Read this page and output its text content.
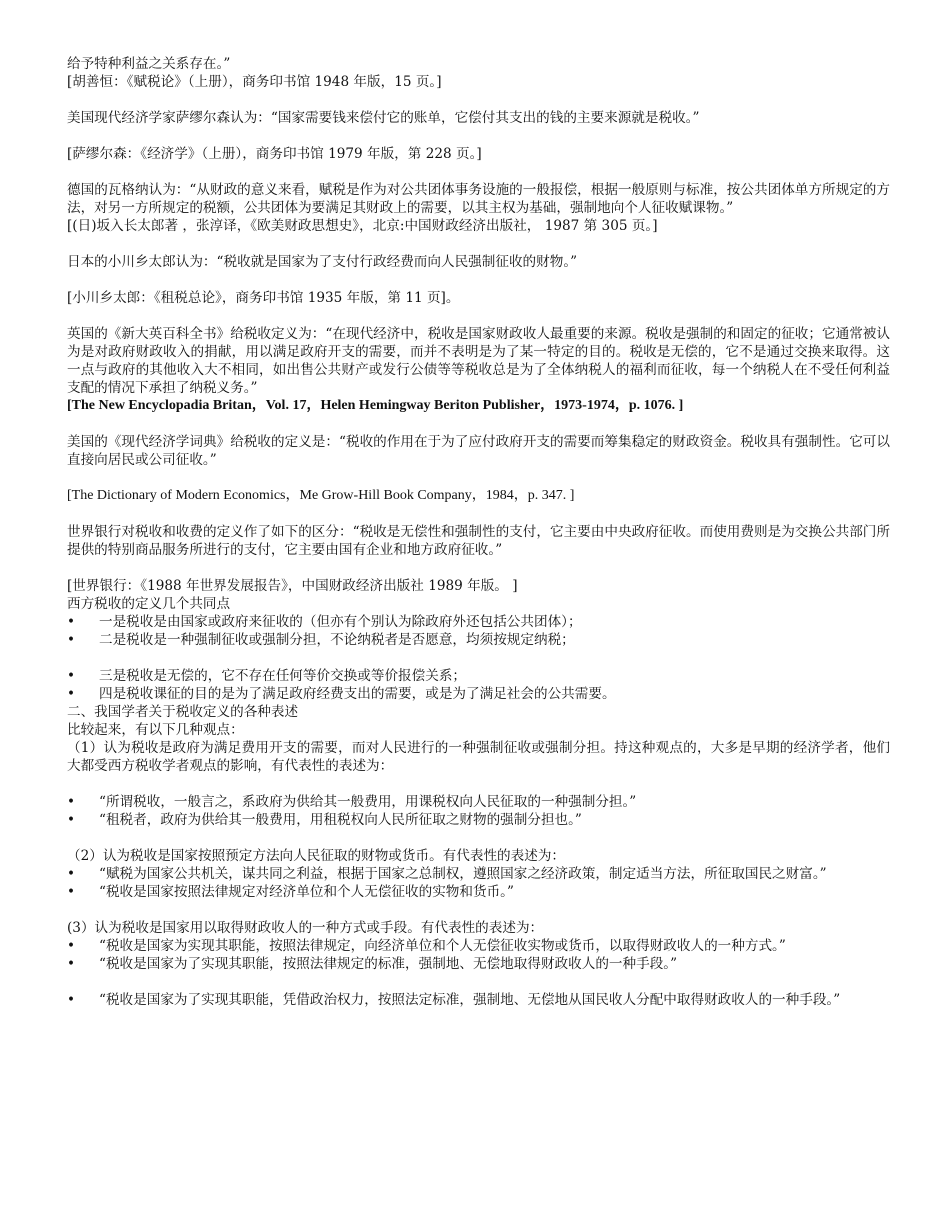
给予特种利益之关系存在。”

[胡善恒：《赋税论》（上册），商务印书馆 1948 年版，15 页。]

美国现代经济学家萨缪尔森认为：“国家需要钱来偿付它的账单，它偿付其支出的钱的主要来源就是税收。”

[萨缪尔森：《经济学》（上册），商务印书馆 1979 年版，第 228 页。]

德国的瓦格纳认为：“从财政的意义来看，赋税是作为对公共团体事务设施的一般报偿，根据一般原则与标准，按公共团体单方所规定的方法，对另一方所规定的税额，公共团体为要满足其财政上的需要，以其主权为基础，强制地向个人征收赋课物。”

[(日)坂入长太郎著 ，张淳译，《欧美财政思想史》，北京:中国财政经济出版社， 1987 第 305 页。]

日本的小川乡太郎认为：“税收就是国家为了支付行政经费而向人民强制征收的财物。”

[小川乡太郎：《租税总论》，商务印书馆 1935 年版，第 11 页]。

英国的《新大英百科全书》给税收定义为：“在现代经济中，税收是国家财政收人最重要的来源。税收是强制的和固定的征收；它通常被认为是对政府财政收入的捐献，用以满足政府开支的需要，而并不表明是为了某一特定的目的。税收是无偿的，它不是通过交换来取得。这一点与政府的其他收入大不相同，如出售公共财产或发行公债等等税收总是为了全体纳税人的福利而征收，每一个纳税人在不受任何利益支配的情况下承担了纳税义务。”

[The New Encyclopadia Britan，Vol. 17，Helen Hemingway Beriton Publisher，1973-1974，p. 1076. ]

美国的《现代经济学词典》给税收的定义是：“税收的作用在于为了应付政府开支的需要而筹集稳定的财政资金。税收具有强制性。它可以直接向居民或公司征收。”

[The Dictionary of Modern Economics，Me Grow-Hill Book Company，1984，p. 347. ]

世界银行对税收和收费的定义作了如下的区分：“税收是无偿性和强制性的支付，它主要由中央政府征收。而使用费则是为交换公共部门所提供的特别商品服务所进行的支付，它主要由国有企业和地方政府征收。”

[世界银行：《1988 年世界发展报告》，中国财政经济出版社 1989 年版。 ]

西方税收的定义几个共同点

• 一是税收是由国家或政府来征收的（但亦有个别认为除政府外还包括公共团体）；
• 二是税收是一种强制征收或强制分担，不论纳税者是否愿意，均须按规定纳税；
• 三是税收是无偿的，它不存在任何等价交换或等价报偿关系；
• 四是税收课征的目的是为了满足政府经费支出的需要，或是为了满足社会的公共需要。

二、我国学者关于税收定义的各种表述

比较起来，有以下几种观点：

（1）认为税收是政府为满足费用开支的需要，而对人民进行的一种强制征收或强制分担。持这种观点的，大多是早期的经济学者，他们大都受西方税收学者观点的影响，有代表性的表述为：

• “所谓税收，一般言之，系政府为供给其一般费用，用课税权向人民征取的一种强制分担。”
• “租税者，政府为供给其一般费用，用租税权向人民所征取之财物的强制分担也。”

（2）认为税收是国家按照预定方法向人民征取的财物或货币。有代表性的表述为：

• “赋税为国家公共机关，谋共同之利益，根据于国家之总制权，遵照国家之经济政策，制定适当方法，所征取国民之财富。”
• “税收是国家按照法律规定对经济单位和个人无偿征收的实物和货币。”

(3）认为税收是国家用以取得财政收人的一种方式或手段。有代表性的表述为：

• “税收是国家为实现其职能，按照法律规定，向经济单位和个人无偿征收实物或货币，以取得财政收人的一种方式。”
• “税收是国家为了实现其职能，按照法律规定的标准，强制地、无偿地取得财政收人的一种手段。”
• “税收是国家为了实现其职能，凭借政治权力，按照法定标准，强制地、无偿地从国民收人分配中取得财政收人的一种手段。”
